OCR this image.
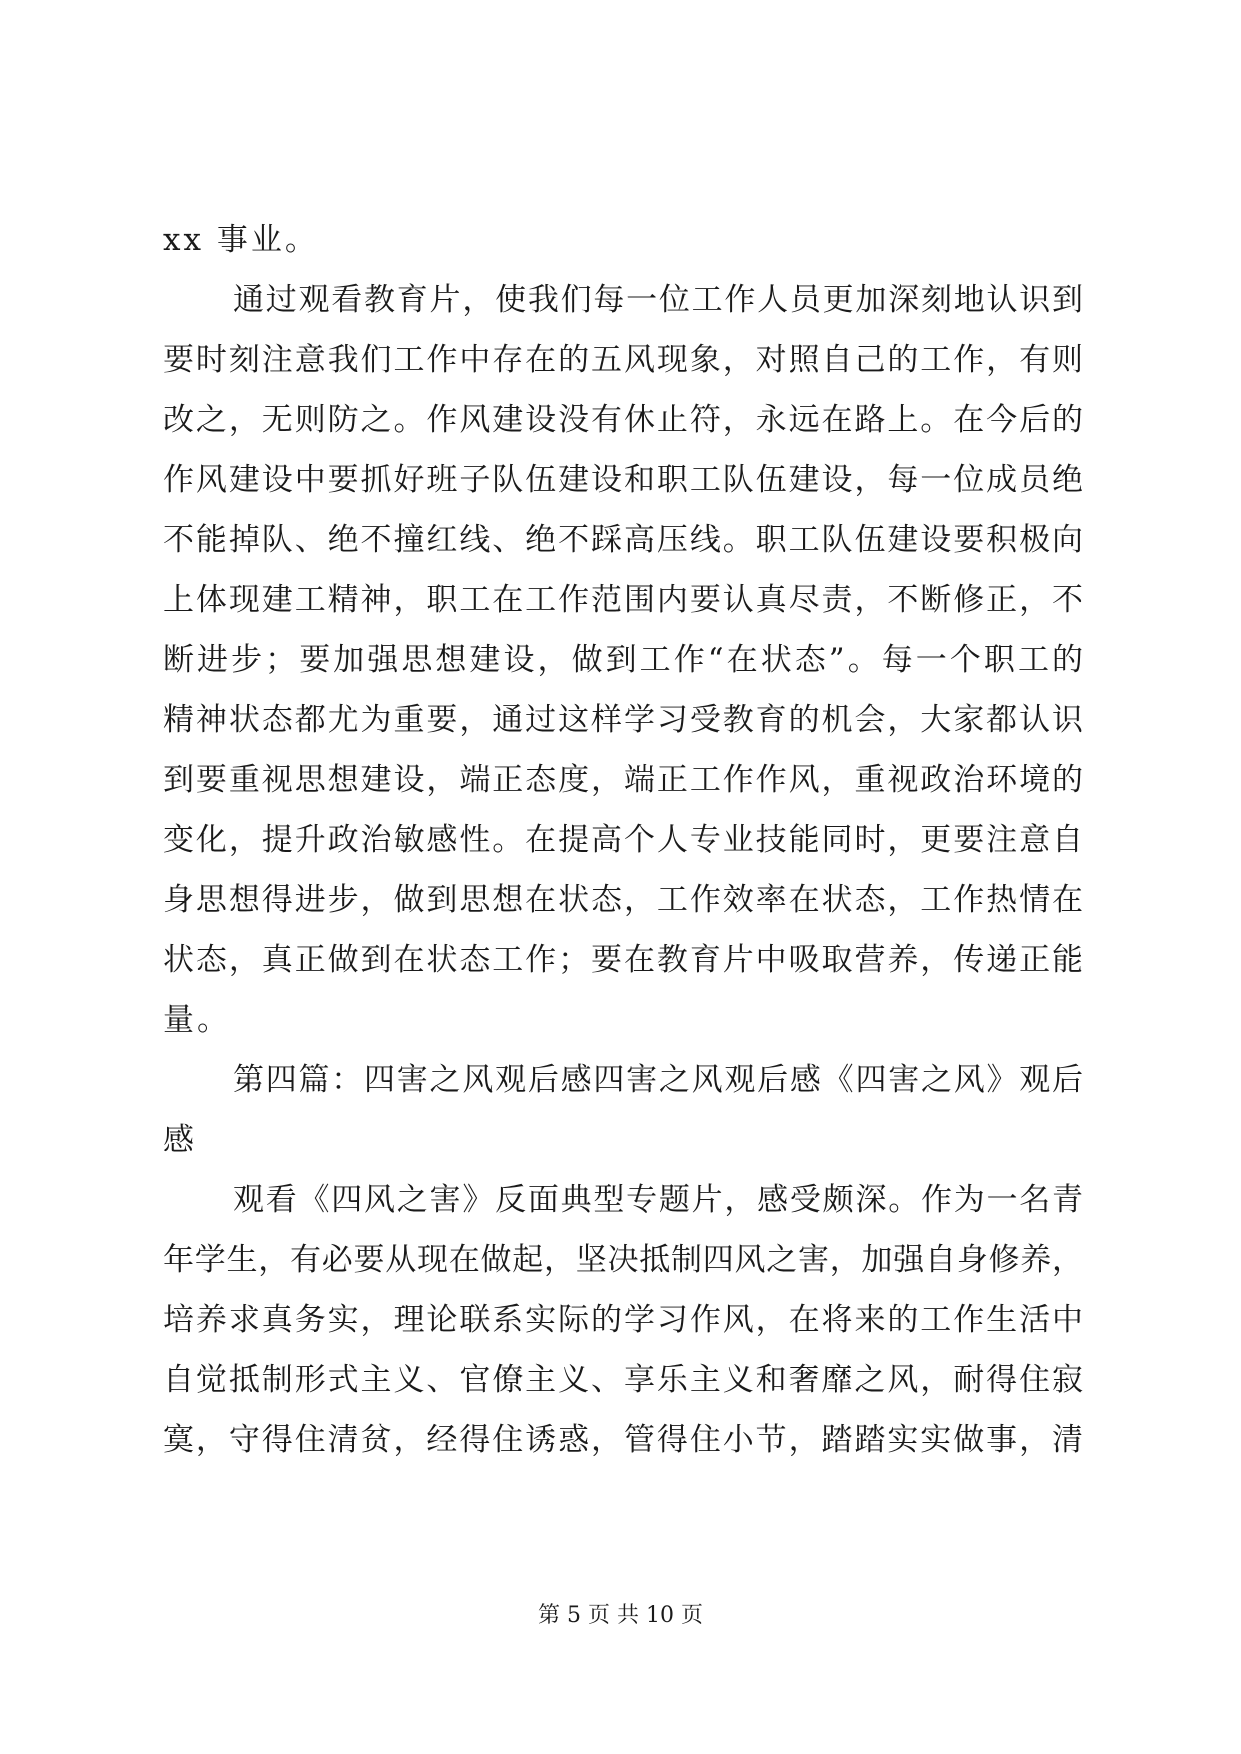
xx 事业。
通过观看教育片，使我们每一位工作人员更加深刻地认识到
要时刻注意我们工作中存在的五风现象，对照自己的工作，有则
改之，无则防之。作风建设没有休止符，永远在路上。在今后的
作风建设中要抓好班子队伍建设和职工队伍建设，每一位成员绝
不能掉队、绝不撞红线、绝不踩高压线。职工队伍建设要积极向
上体现建工精神，职工在工作范围内要认真尽责，不断修正，不
断进步；要加强思想建设，做到工作“在状态”。每一个职工的
精神状态都尤为重要，通过这样学习受教育的机会，大家都认识
到要重视思想建设，端正态度，端正工作作风，重视政治环境的
变化，提升政治敏感性。在提高个人专业技能同时，更要注意自
身思想得进步，做到思想在状态，工作效率在状态，工作热情在
状态，真正做到在状态工作；要在教育片中吸取营养，传递正能
量。
第四篇：四害之风观后感四害之风观后感《四害之风》观后
感
观看《四风之害》反面典型专题片，感受颇深。作为一名青
年学生，有必要从现在做起，坚决抵制四风之害，加强自身修养，
培养求真务实，理论联系实际的学习作风，在将来的工作生活中
自觉抵制形式主义、官僚主义、享乐主义和奢靡之风，耐得住寂
寞，守得住清贫，经得住诱惑，管得住小节，踏踏实实做事，清
第 5 页 共 10 页
